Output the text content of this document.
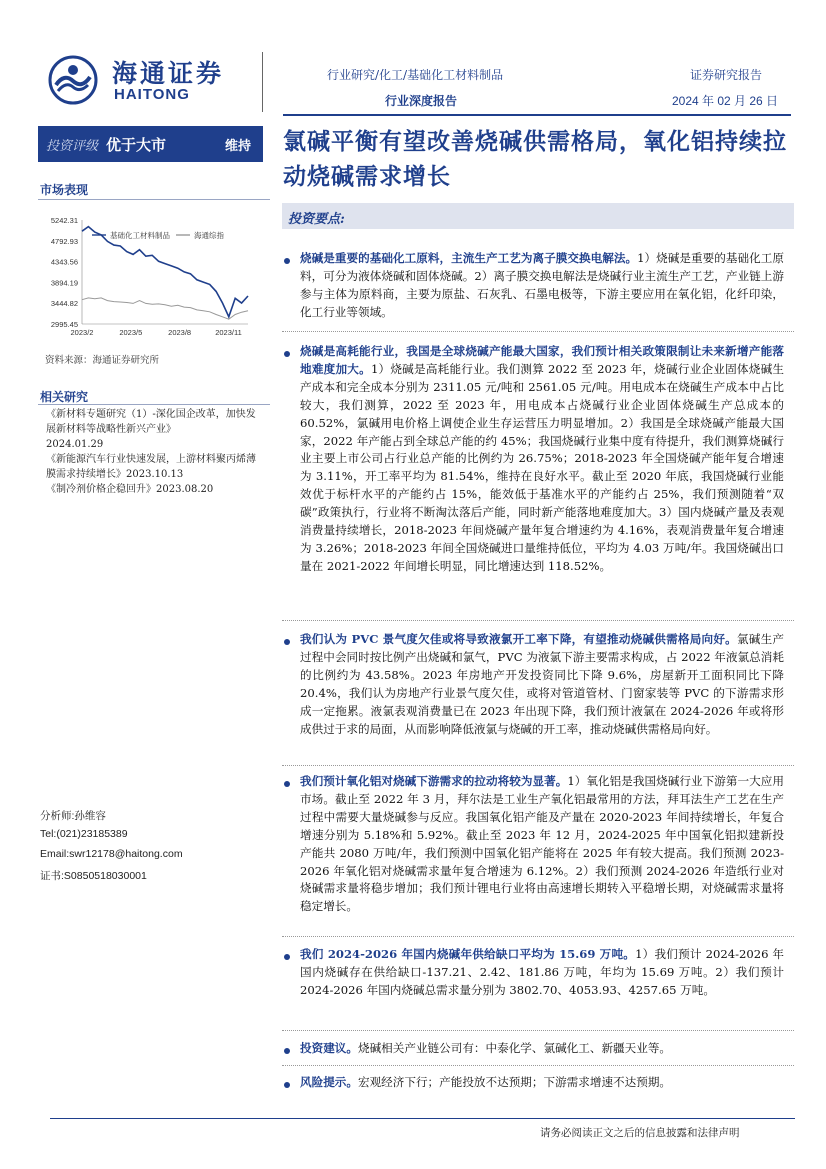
海通证券
HAITONG
行业研究/化工/基础化工材料制品
行业深度报告
证券研究报告
2024 年 02 月 26 日
投资评级 优于大市	维持 氯碱平衡有望改善烧碱供需格局，氧化铝持续拉动烧碱需求增长
市场表现
5242.31
4792.93
4343.56
3894.19
3444.82
2995.45
2023/2	2023/5	2023/8	2023/11
基础化工材料制品	海通综指
资料来源：海通证券研究所
相关研究
《新材料专题研究（1）-深化国企改革，加快发展新材料等战略性新兴产业》
2024.01.29
《新能源汽车行业快速发展，上游材料聚丙烯薄膜需求持续增长》2023.10.13
《制冷剂价格企稳回升》2023.08.20
分析师:孙维容
Tel:(021)23185389
Email:swr12178@haitong.com
证书:S0850518030001
投资要点:
烧碱是重要的基础化工原料，主流生产工艺为离子膜交换电解法。1）烧碱是重要的基础化工原料，可分为液体烧碱和固体烧碱。2）离子膜交换电解法是烧碱行业主流生产工艺，产业链上游参与主体为原料商，主要为原盐、石灰乳、石墨电极等，下游主要应用在氧化铝，化纤印染，化工行业等领域。
烧碱是高耗能行业，我国是全球烧碱产能最大国家，我们预计相关政策限制让未来新增产能落地难度加大。1）烧碱是高耗能行业。我们测算 2022 至 2023 年，烧碱行业企业固体烧碱生产成本和完全成本分别为 2311.05 元/吨和 2561.05 元/吨。用电成本在烧碱生产成本中占比较大，我们测算，2022 至 2023 年，用电成本占烧碱行业企业固体烧碱生产总成本的 60.52%，氯碱用电价格上调使企业生存运营压力明显增加。2）我国是全球烧碱产能最大国家，2022 年产能占到全球总产能的约 45%；我国烧碱行业集中度有待提升，我们测算烧碱行业主要上市公司占行业总产能的比例约为 26.75%；2018-2023 年全国烧碱产能年复合增速为 3.11%，开工率平均为 81.54%，维持在良好水平。截止至 2020 年底，我国烧碱行业能效优于标杆水平的产能约占 15%，能效低于基准水平的产能约占 25%，我们预测随着“双碳”政策执行，行业将不断淘汰落后产能，同时新产能落地难度加大。3）国内烧碱产量及表观消费量持续增长，2018-2023 年间烧碱产量年复合增速约为 4.16%，表观消费量年复合增速为 3.26%；2018-2023 年间全国烧碱进口量维持低位，平均为 4.03 万吨/年。我国烧碱出口量在 2021-2022 年间增长明显，同比增速达到 118.52%。
我们认为 PVC 景气度欠佳或将导致液氯开工率下降，有望推动烧碱供需格局向好。氯碱生产过程中会同时按比例产出烧碱和氯气，PVC 为液氯下游主要需求构成，占 2022 年液氯总消耗的比例约为 43.58%。2023 年房地产开发投资同比下降 9.6%，房屋新开工面积同比下降 20.4%，我们认为房地产行业景气度欠佳，或将对管道管材、门窗家装等 PVC 的下游需求形成一定拖累。液氯表观消费量已在 2023 年出现下降，我们预计液氯在 2024-2026 年或将形成供过于求的局面，从而影响降低液氯与烧碱的开工率，推动烧碱供需格局向好。
我们预计氧化铝对烧碱下游需求的拉动将较为显著。1）氧化铝是我国烧碱行业下游第一大应用市场。截止至 2022 年 3 月，拜尔法是工业生产氧化铝最常用的方法，拜耳法生产工艺在生产过程中需要大量烧碱参与反应。我国氧化铝产能及产量在 2020-2023 年间持续增长，年复合增速分别为 5.18%和 5.92%。截止至 2023 年 12 月，2024-2025 年中国氧化铝拟建新投产能共 2080 万吨/年，我们预测中国氧化铝产能将在 2025 年有较大提高。我们预测 2023-2026 年氧化铝对烧碱需求量年复合增速为 6.12%。2）我们预测 2024-2026 年造纸行业对烧碱需求量将稳步增加；我们预计锂电行业将由高速增长期转入平稳增长期，对烧碱需求量将稳定增长。
我们 2024-2026 年国内烧碱年供给缺口平均为 15.69 万吨。1）我们预计 2024-2026 年国内烧碱存在供给缺口-137.21、2.42、181.86 万吨，年均为 15.69 万吨。2）我们预计 2024-2026 年国内烧碱总需求量分别为 3802.70、4053.93、4257.65 万吨。
投资建议。烧碱相关产业链公司有：中泰化学、氯碱化工、新疆天业等。
风险提示。宏观经济下行；产能投放不达预期；下游需求增速不达预期。
请务必阅读正文之后的信息披露和法律声明
